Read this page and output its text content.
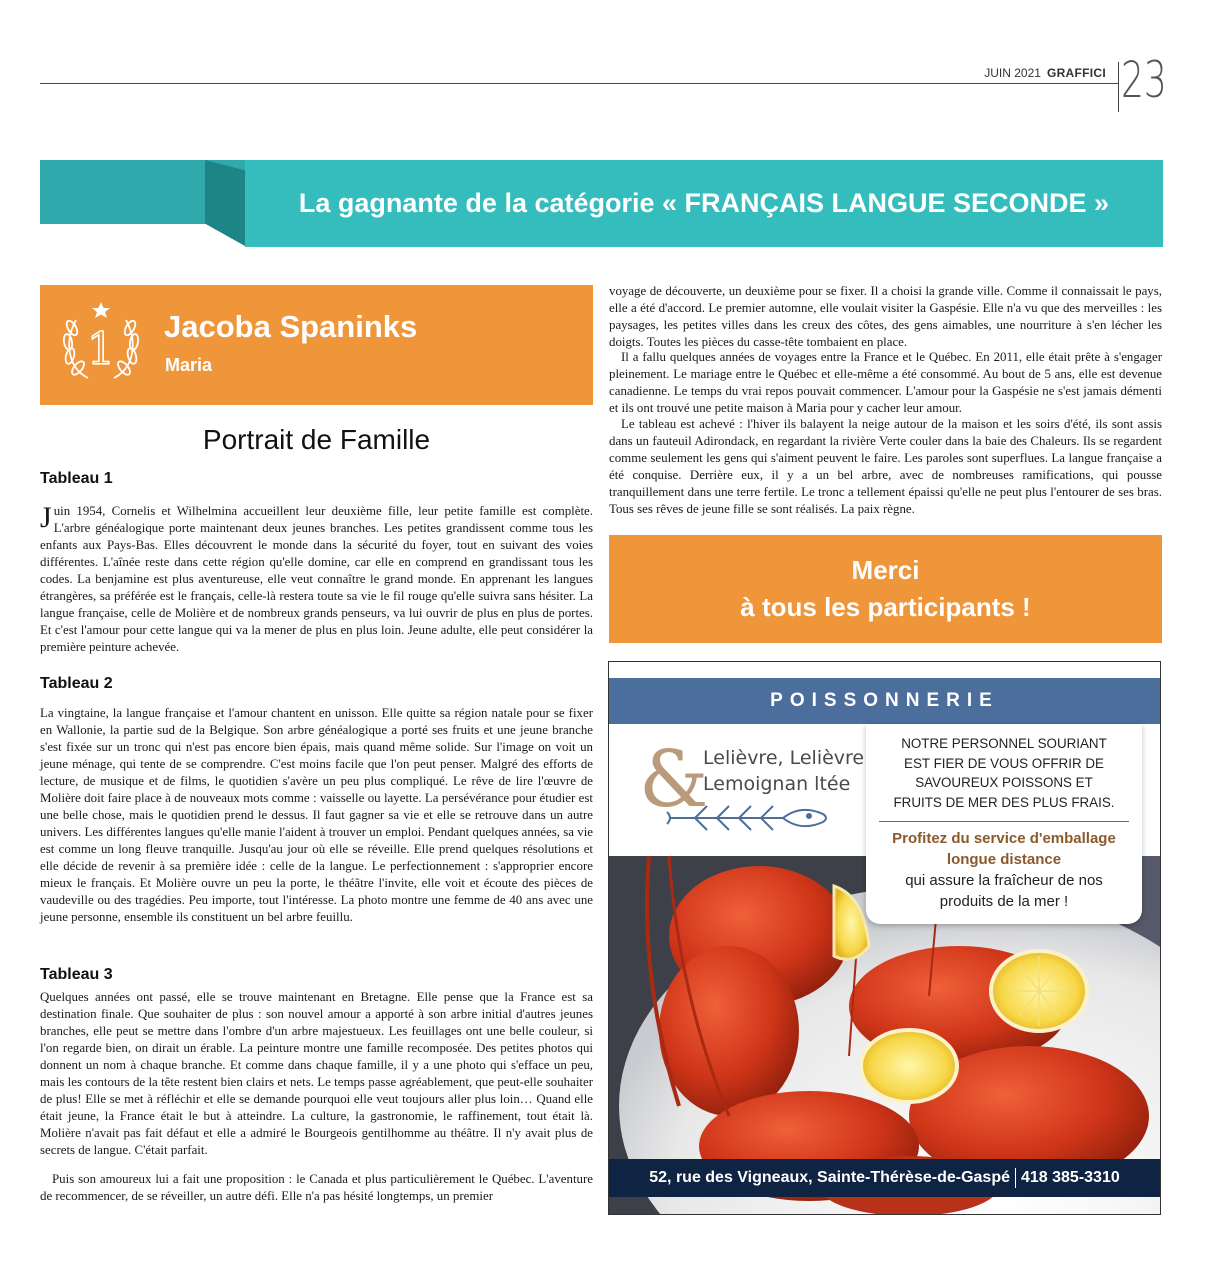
JUIN 2021 GRAFFICI 23
La gagnante de la catégorie « FRANÇAIS LANGUE SECONDE »
1 Jacoba Spaninks
Maria
Portrait de Famille
Tableau 1
Juin 1954, Cornelis et Wilhelmina accueillent leur deuxième fille, leur petite famille est complète. L'arbre généalogique porte maintenant deux jeunes branches. Les petites grandissent comme tous les enfants aux Pays-Bas. Elles découvrent le monde dans la sécurité du foyer, tout en suivant des voies différentes. L'aînée reste dans cette région qu'elle domine, car elle en comprend en grandissant tous les codes. La benjamine est plus aventureuse, elle veut connaître le grand monde. En apprenant les langues étrangères, sa préférée est le français, celle-là restera toute sa vie le fil rouge qu'elle suivra sans hésiter. La langue française, celle de Molière et de nombreux grands penseurs, va lui ouvrir de plus en plus de portes. Et c'est l'amour pour cette langue qui va la mener de plus en plus loin. Jeune adulte, elle peut considérer la première peinture achevée.
Tableau 2
La vingtaine, la langue française et l'amour chantent en unisson. Elle quitte sa région natale pour se fixer en Wallonie, la partie sud de la Belgique. Son arbre généalogique a porté ses fruits et une jeune branche s'est fixée sur un tronc qui n'est pas encore bien épais, mais quand même solide. Sur l'image on voit un jeune ménage, qui tente de se comprendre. C'est moins facile que l'on peut penser. Malgré des efforts de lecture, de musique et de films, le quotidien s'avère un peu plus compliqué. Le rêve de lire l'œuvre de Molière doit faire place à de nouveaux mots comme : vaisselle ou layette. La persévérance pour étudier est une belle chose, mais le quotidien prend le dessus. Il faut gagner sa vie et elle se retrouve dans un autre univers. Les différentes langues qu'elle manie l'aident à trouver un emploi. Pendant quelques années, sa vie est comme un long fleuve tranquille. Jusqu'au jour où elle se réveille. Elle prend quelques résolutions et elle décide de revenir à sa première idée : celle de la langue. Le perfectionnement : s'approprier encore mieux le français. Et Molière ouvre un peu la porte, le théâtre l'invite, elle voit et écoute des pièces de vaudeville ou des tragédies. Peu importe, tout l'intéresse. La photo montre une femme de 40 ans avec une jeune personne, ensemble ils constituent un bel arbre feuillu.
Tableau 3
Quelques années ont passé, elle se trouve maintenant en Bretagne. Elle pense que la France est sa destination finale. Que souhaiter de plus : son nouvel amour a apporté à son arbre initial d'autres jeunes branches, elle peut se mettre dans l'ombre d'un arbre majestueux. Les feuillages ont une belle couleur, si l'on regarde bien, on dirait un érable. La peinture montre une famille recomposée. Des petites photos qui donnent un nom à chaque branche. Et comme dans chaque famille, il y a une photo qui s'efface un peu, mais les contours de la tête restent bien clairs et nets. Le temps passe agréablement, que peut-elle souhaiter de plus! Elle se met à réfléchir et elle se demande pourquoi elle veut toujours aller plus loin… Quand elle était jeune, la France était le but à atteindre. La culture, la gastronomie, le raffinement, tout était là. Molière n'avait pas fait défaut et elle a admiré le Bourgeois gentilhomme au théâtre. Il n'y avait plus de secrets de langue. C'était parfait.
Puis son amoureux lui a fait une proposition : le Canada et plus particulièrement le Québec. L'aventure de recommencer, de se réveiller, un autre défi. Elle n'a pas hésité longtemps, un premier
voyage de découverte, un deuxième pour se fixer. Il a choisi la grande ville. Comme il connaissait le pays, elle a été d'accord. Le premier automne, elle voulait visiter la Gaspésie. Elle n'a vu que des merveilles : les paysages, les petites villes dans les creux des côtes, des gens aimables, une nourriture à s'en lécher les doigts. Toutes les pièces du casse-tête tombaient en place.
Il a fallu quelques années de voyages entre la France et le Québec. En 2011, elle était prête à s'engager pleinement. Le mariage entre le Québec et elle-même a été consommé. Au bout de 5 ans, elle est devenue canadienne. Le temps du vrai repos pouvait commencer. L'amour pour la Gaspésie ne s'est jamais démenti et ils ont trouvé une petite maison à Maria pour y cacher leur amour.
Le tableau est achevé : l'hiver ils balayent la neige autour de la maison et les soirs d'été, ils sont assis dans un fauteuil Adirondack, en regardant la rivière Verte couler dans la baie des Chaleurs. Ils se regardent comme seulement les gens qui s'aiment peuvent le faire. Les paroles sont superflues. La langue française a été conquise. Derrière eux, il y a un bel arbre, avec de nombreuses ramifications, qui pousse tranquillement dans une terre fertile. Le tronc a tellement épaissi qu'elle ne peut plus l'entourer de ses bras. Tous ses rêves de jeune fille se sont réalisés. La paix règne.
Merci
à tous les participants !
POISSONNERIE
&
Lelièvre, Lelièvre
Lemoignan ltée
NOTRE PERSONNEL SOURIANT
EST FIER DE VOUS OFFRIR DE
SAVOUREUX POISSONS ET
FRUITS DE MER DES PLUS FRAIS.
Profitez du service d'emballage
longue distance
qui assure la fraîcheur de nos
produits de la mer !
52, rue des Vigneaux, Sainte-Thérèse-de-Gaspé 418 385-3310
